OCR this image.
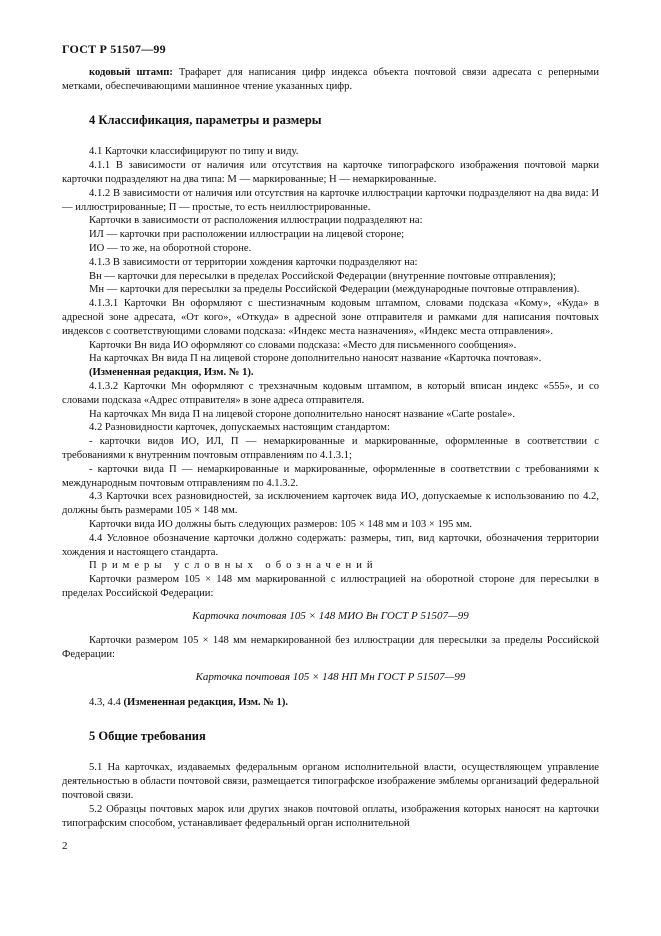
ГОСТ Р 51507—99

кодовый штамп: Трафарет для написания цифр индекса объекта почтовой связи адресата с реперными метками, обеспечивающими машинное чтение указанных цифр.

4 Классификация, параметры и размеры

4.1 Карточки классифицируют по типу и виду.

4.1.1 В зависимости от наличия или отсутствия на карточке типографского изображения почтовой марки карточки подразделяют на два типа: М — маркированные; Н — немаркированные.

4.1.2 В зависимости от наличия или отсутствия на карточке иллюстрации карточки подразделяют на два вида: И — иллюстрированные; П — простые, то есть неиллюстрированные.

Карточки в зависимости от расположения иллюстрации подразделяют на:

ИЛ — карточки при расположении иллюстрации на лицевой стороне;

ИО — то же, на оборотной стороне.

4.1.3 В зависимости от территории хождения карточки подразделяют на:

Вн — карточки для пересылки в пределах Российской Федерации (внутренние почтовые отправления);

Мн — карточки для пересылки за пределы Российской Федерации (международные почтовые отправления).

4.1.3.1 Карточки Вн оформляют с шестизначным кодовым штампом, словами подсказа «Кому», «Куда» в адресной зоне адресата, «От кого», «Откуда» в адресной зоне отправителя и рамками для написания почтовых индексов с соответствующими словами подсказа: «Индекс места назначения», «Индекс места отправления».

Карточки Вн вида ИО оформляют со словами подсказа: «Место для письменного сообщения».

На карточках Вн вида П на лицевой стороне дополнительно наносят название «Карточка почтовая».

(Измененная редакция, Изм. № 1).

4.1.3.2 Карточки Мн оформляют с трехзначным кодовым штампом, в который вписан индекс «555», и со словами подсказа «Адрес отправителя» в зоне адреса отправителя.

На карточках Мн вида П на лицевой стороне дополнительно наносят название «Carte postale».

4.2 Разновидности карточек, допускаемых настоящим стандартом:

- карточки видов ИО, ИЛ, П — немаркированные и маркированные, оформленные в соответствии с требованиями к внутренним почтовым отправлениям по 4.1.3.1;

- карточки вида П — немаркированные и маркированные, оформленные в соответствии с требованиями к международным почтовым отправлениям по 4.1.3.2.

4.3 Карточки всех разновидностей, за исключением карточек вида ИО, допускаемые к использованию по 4.2, должны быть размерами 105 × 148 мм.

Карточки вида ИО должны быть следующих размеров: 105 × 148 мм и 103 × 195 мм.

4.4 Условное обозначение карточки должно содержать: размеры, тип, вид карточки, обозначения территории хождения и настоящего стандарта.

Примеры условных обозначений

Карточки размером 105 × 148 мм маркированной с иллюстрацией на оборотной стороне для пересылки в пределах Российской Федерации:

Карточка почтовая 105 × 148 МИО Вн ГОСТ Р 51507—99

Карточки размером 105 × 148 мм немаркированной без иллюстрации для пересылки за пределы Российской Федерации:

Карточка почтовая 105 × 148 НП Мн ГОСТ Р 51507—99

4.3, 4.4 (Измененная редакция, Изм. № 1).

5 Общие требования

5.1 На карточках, издаваемых федеральным органом исполнительной власти, осуществляющем управление деятельностью в области почтовой связи, размещается типографское изображение эмблемы организаций федеральной почтовой связи.

5.2 Образцы почтовых марок или других знаков почтовой оплаты, изображения которых наносят на карточки типографским способом, устанавливает федеральный орган исполнительной

2
